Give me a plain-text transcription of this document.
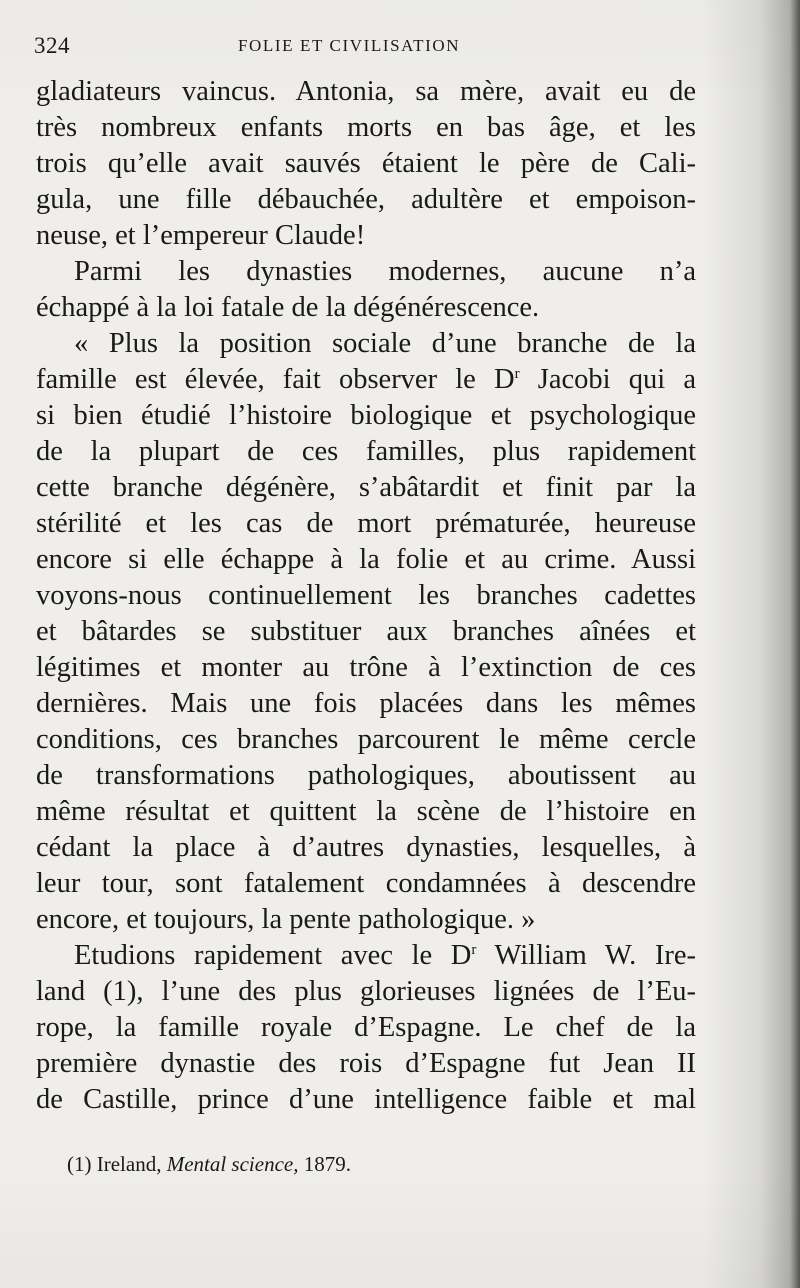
324	FOLIE ET CIVILISATION
gladiateurs vaincus. Antonia, sa mère, avait eu de
très nombreux enfants morts en bas âge, et les
trois qu’elle avait sauvés étaient le père de Cali-
gula, une fille débauchée, adultère et empoison-
neuse, et l’empereur Claude!
Parmi les dynasties modernes, aucune n’a
échappé à la loi fatale de la dégénérescence.
« Plus la position sociale d’une branche de la
famille est élevée, fait observer le $D^r$ Jacobi qui a
si bien étudié l’histoire biologique et psychologique
de la plupart de ces familles, plus rapidement
cette branche dégénère, s’abâtardit et finit par la
stérilité et les cas de mort prématurée, heureuse
encore si elle échappe à la folie et au crime. Aussi
voyons-nous continuellement les branches cadettes
et bâtardes se substituer aux branches aînées et
légitimes et monter au trône à l’extinction de ces
dernières. Mais une fois placées dans les mêmes
conditions, ces branches parcourent le même cercle
de transformations pathologiques, aboutissent au
même résultat et quittent la scène de l’histoire en
cédant la place à d’autres dynasties, lesquelles, à
leur tour, sont fatalement condamnées à descendre
encore, et toujours, la pente pathologique. »
Etudions rapidement avec le $D^r$ William W. Ire-
land (1), l’une des plus glorieuses lignées de l’Eu-
rope, la famille royale d’Espagne. Le chef de la
première dynastie des rois d’Espagne fut Jean II
de Castille, prince d’une intelligence faible et mal
(1) Ireland, Mental science, 1879.
